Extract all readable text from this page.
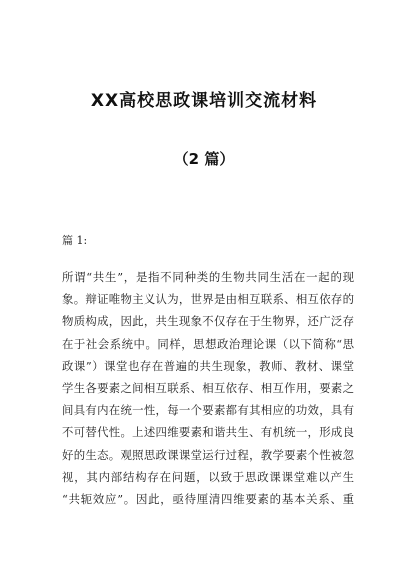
XX高校思政课培训交流材料
（2 篇）
篇 1:
所谓“共生”，是指不同种类的生物共同生活在一起的现
象。辩证唯物主义认为，世界是由相互联系、相互依存的
物质构成，因此，共生现象不仅存在于生物界，还广泛存
在于社会系统中。同样，思想政治理论课（以下简称“思
政课”）课堂也存在普遍的共生现象，教师、教材、课堂
学生各要素之间相互联系、相互依存、相互作用，要素之
间具有内在统一性，每一个要素都有其相应的功效，具有
不可替代性。上述四维要素和谐共生、有机统一，形成良
好的生态。观照思政课课堂运行过程，教学要素个性被忽
视，其内部结构存在问题，以致于思政课课堂难以产生
“共轭效应”。因此，亟待厘清四维要素的基本关系、重
